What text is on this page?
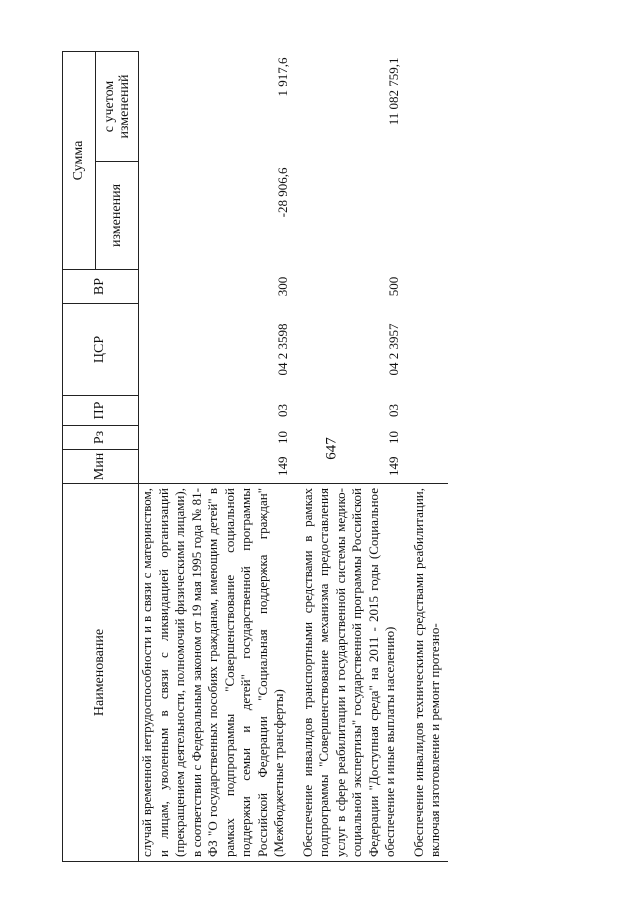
647
Наименование	Мин	Рз	ПР	ЦСР	ВР	Сумма	
						изменения	с учетом изменений
случай временной нетрудоспособности и в связи с материнством, и лицам, уволенным в связи с ликвидацией организаций (прекращением деятельности, полномочий физическими лицами), в соответствии с Федеральным законом от 19 мая 1995 года № 81-ФЗ "О государственных пособиях гражданам, имеющим детей" в рамках подпрограммы "Совершенствование социальной поддержки семьи и детей" государственной программы Российской Федерации "Социальная поддержка граждан" (Межбюджетные трансферты)	149	10	03	04 2 3598	300	-28 906,6	1 917,6
Обеспечение инвалидов транспортными средствами в рамках подпрограммы "Совершенствование механизма предоставления услуг в сфере реабилитации и государственной системы медико-социальной экспертизы" государственной программы Российской Федерации "Доступная среда" на 2011 - 2015 годы (Социальное обеспечение и иные выплаты населению)	149	10	03	04 2 3957	500		11 082 759,1
Обеспечение инвалидов техническими средствами реабилитации, включая изготовление и ремонт протезно-							
